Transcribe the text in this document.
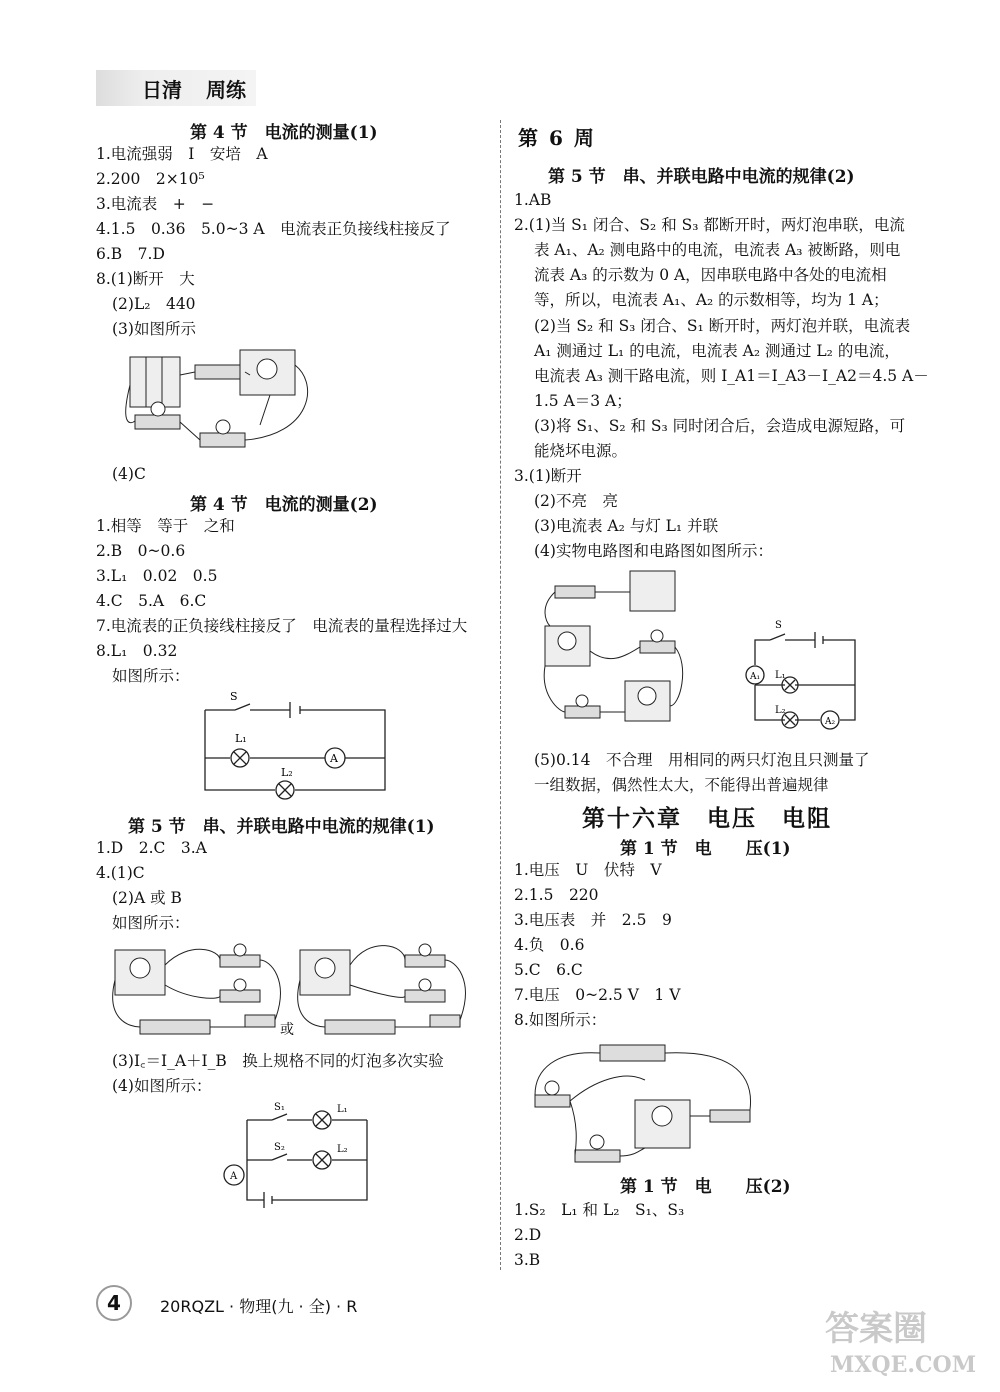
日清 周练
第 4 节　电流的测量(1)
1.电流强弱　I　安培　A
2.200　2×10⁵
3.电流表　+　−
4.1.5　0.36　5.0~3 A　电流表正负接线柱接反了
6.B　7.D
8.(1)断开　大
(2)L₂　440
(3)如图所示
(4)C
第 4 节　电流的测量(2)
1.相等　等于　之和
2.B　0~0.6
3.L₁　0.02　0.5
4.C　5.A　6.C
7.电流表的正负接线柱接反了　电流表的量程选择过大
8.L₁　0.32
如图所示：
S
L₁
A
L₂
第 5 节　串、并联电路中电流的规律(1)
1.D　2.C　3.A
4.(1)C
(2)A 或 B
如图所示：
或
(3)I꜀＝I_A＋I_B　换上规格不同的灯泡多次实验
(4)如图所示：
S₁	L₁
S₂	L₂
A
第 6 周
第 5 节　串、并联电路中电流的规律(2)
1.AB
2.(1)当 S₁ 闭合、S₂ 和 S₃ 都断开时，两灯泡串联，电流
表 A₁、A₂ 测电路中的电流，电流表 A₃ 被断路，则电
流表 A₃ 的示数为 0 A，因串联电路中各处的电流相
等，所以，电流表 A₁、A₂ 的示数相等，均为 1 A；
(2)当 S₂ 和 S₃ 闭合、S₁ 断开时，两灯泡并联，电流表
A₁ 测通过 L₁ 的电流，电流表 A₂ 测通过 L₂ 的电流，
电流表 A₃ 测干路电流，则 I_A1＝I_A3－I_A2＝4.5 A－
1.5 A＝3 A；
(3)将 S₁、S₂ 和 S₃ 同时闭合后，会造成电源短路，可
能烧坏电源。
3.(1)断开
(2)不亮　亮
(3)电流表 A₂ 与灯 L₁ 并联
(4)实物电路图和电路图如图所示：
S
L₁
L₂
A₁
A₂
(5)0.14　不合理　用相同的两只灯泡且只测量了
一组数据，偶然性太大，不能得出普遍规律
第十六章　电压　电阻
第 1 节　电　　压(1)
1.电压　U　伏特　V
2.1.5　220
3.电压表　并　2.5　9
4.负　0.6
5.C　6.C
7.电压　0~2.5 V　1 V
8.如图所示：
第 1 节　电　　压(2)
1.S₂　L₁ 和 L₂　S₁、S₃
2.D
3.B
4	20RQZL · 物理(九 · 全) · R
答案圈
MXQE.COM
